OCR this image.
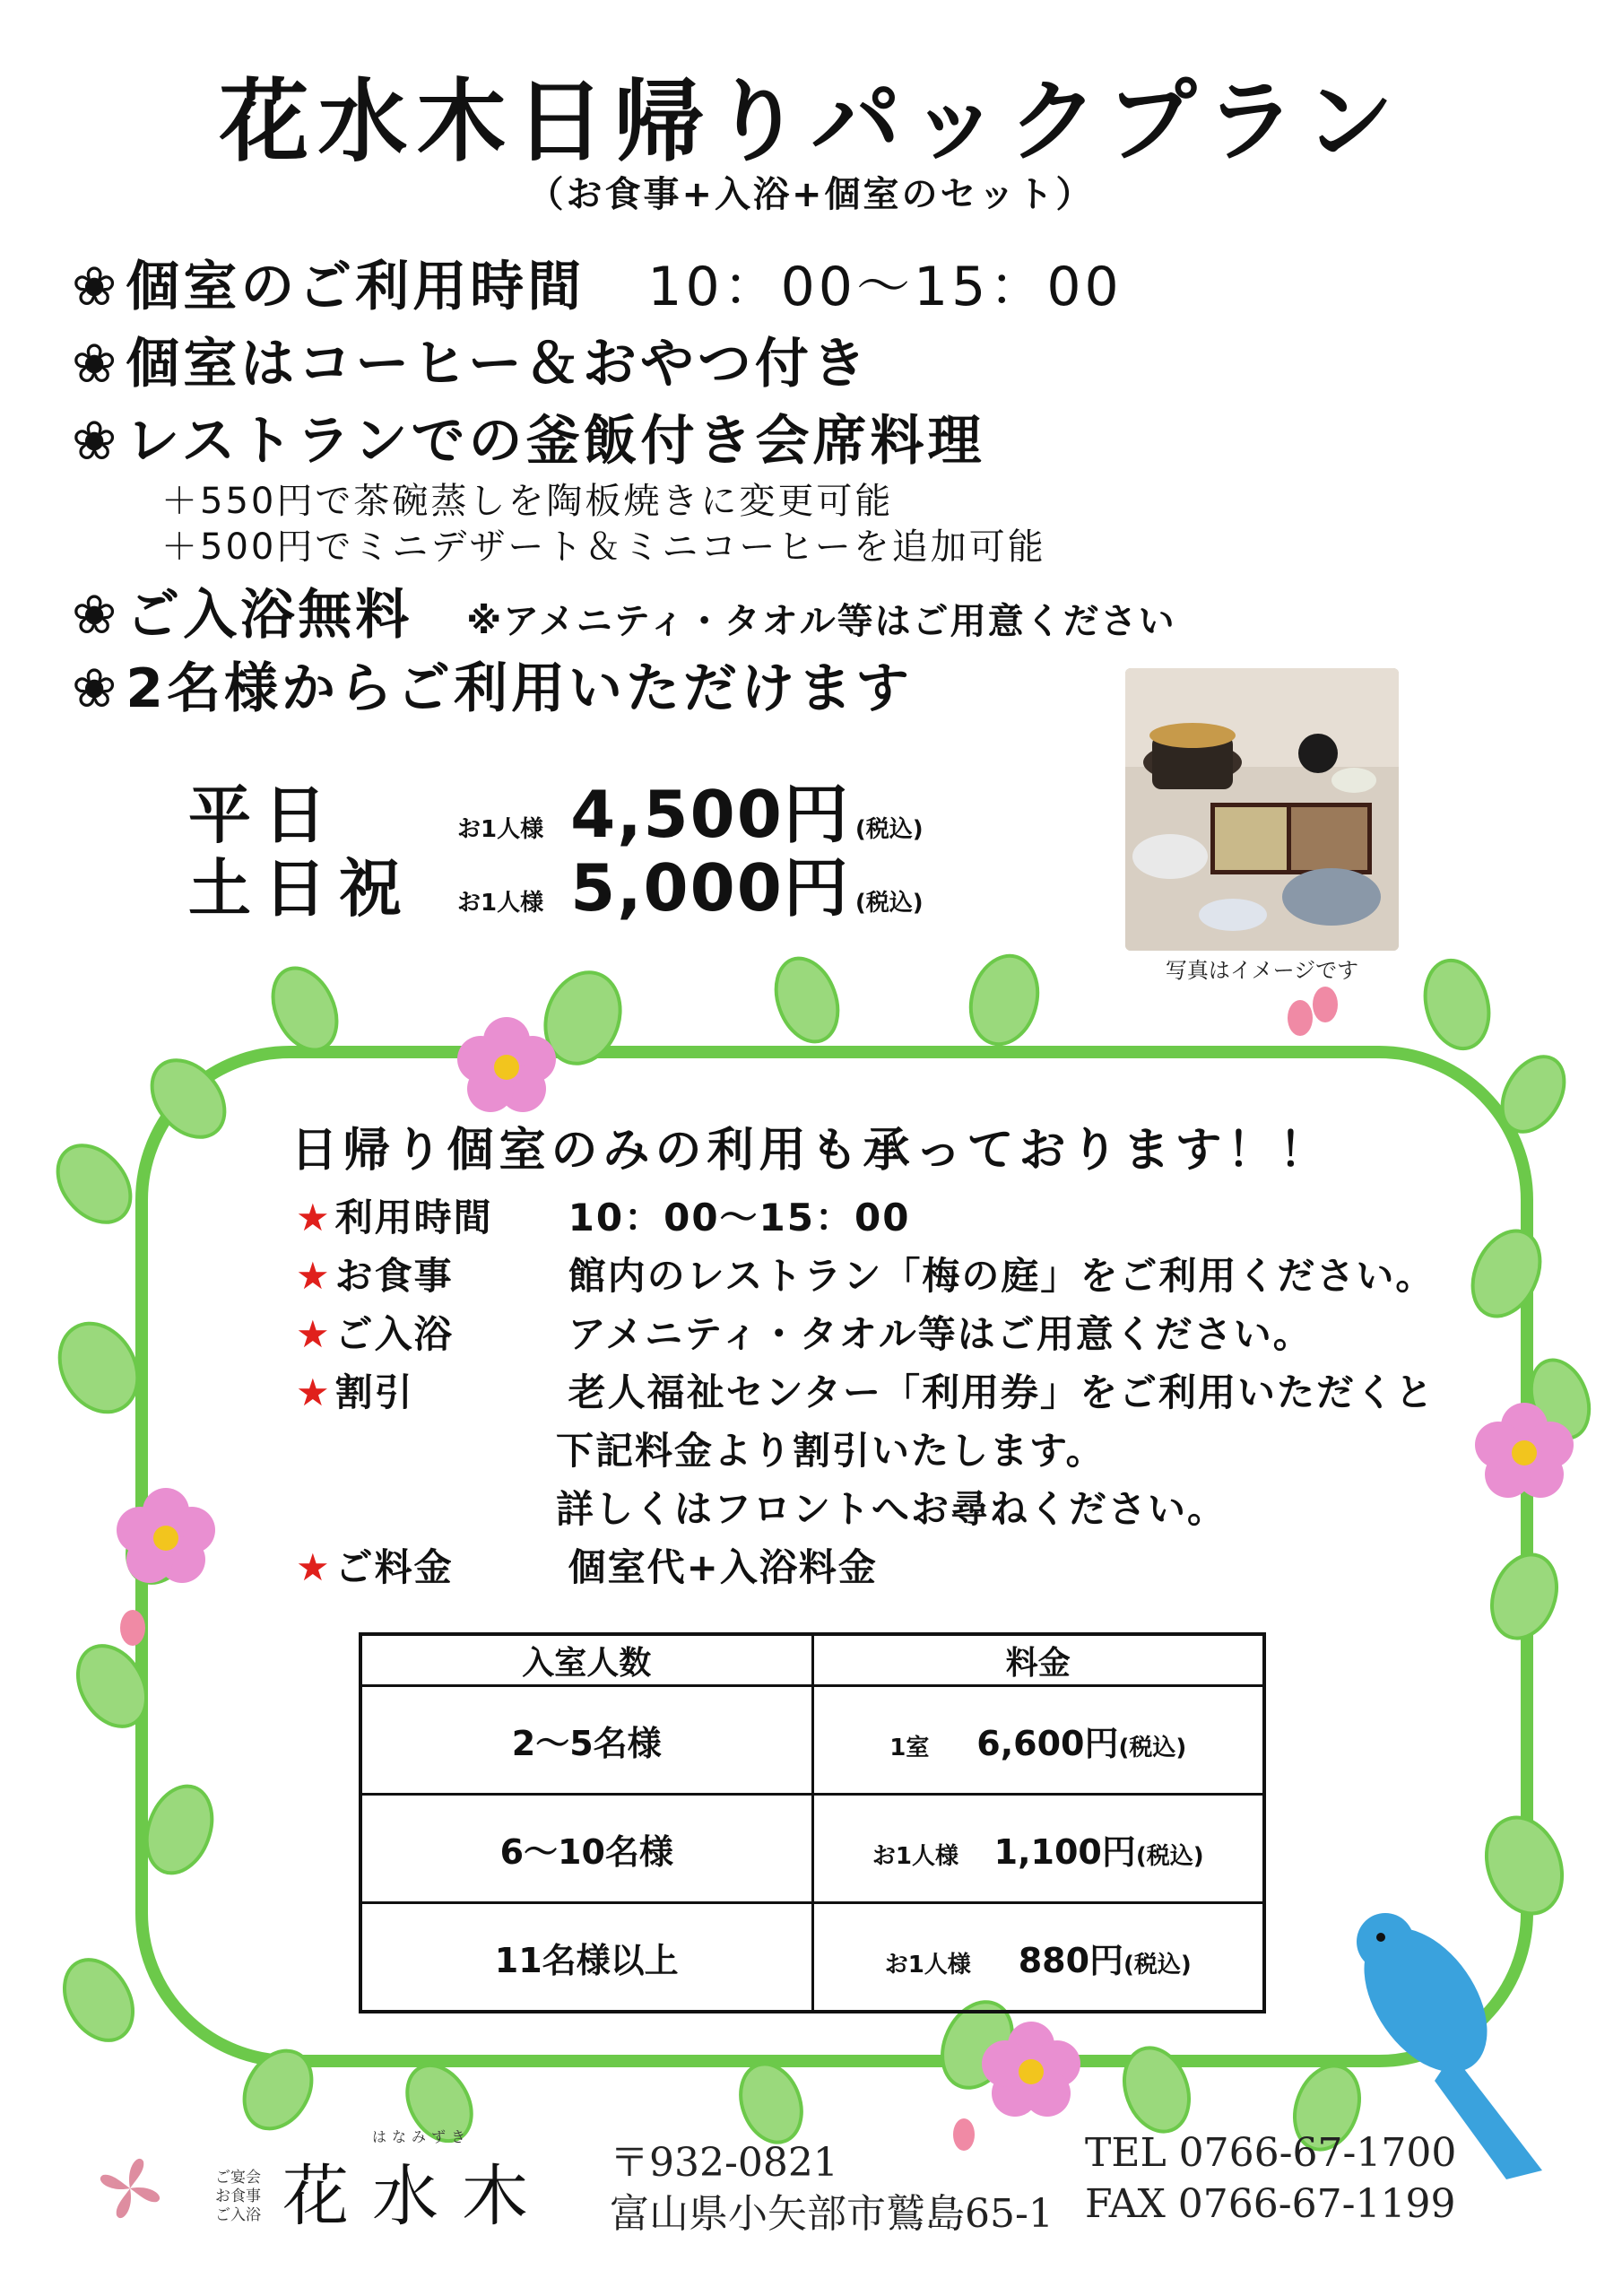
花水木日帰りパックプラン
（お食事+入浴+個室のセット）
❀ 個室のご利用時間 10：00～15：00
❀ 個室はコーヒー＆おやつ付き
❀ レストランでの釜飯付き会席料理
＋550円で茶碗蒸しを陶板焼きに変更可能
＋500円でミニデザート＆ミニコーヒーを追加可能
❀ ご入浴無料 ※アメニティ・タオル等はご用意ください
❀ 2名様からご利用いただけます
平日	お1人様 4,500円 (税込)
土日祝 お1人様 5,000円 (税込)
写真はイメージです
日帰り個室のみの利用も承っております！！
★利用時間 10：00～15：00
★お食事	館内のレストラン「梅の庭」をご利用ください。
★ご入浴	アメニティ・タオル等はご用意ください。
★割引	老人福祉センター「利用券」をご利用いただくと
下記料金より割引いたします。
詳しくはフロントへお尋ねください。
★ご料金	個室代+入浴料金
入室人数	料金
2～5名様	1室 6,600円(税込)
6～10名様	お1人様 1,100円(税込)
11名様以上	お1人様 880円(税込)
ご宴会
お食事
ご入浴
はなみずき
花水木 〒932-0821
富山県小矢部市鷲島65-1
TEL 0766-67-1700
FAX 0766-67-1199
